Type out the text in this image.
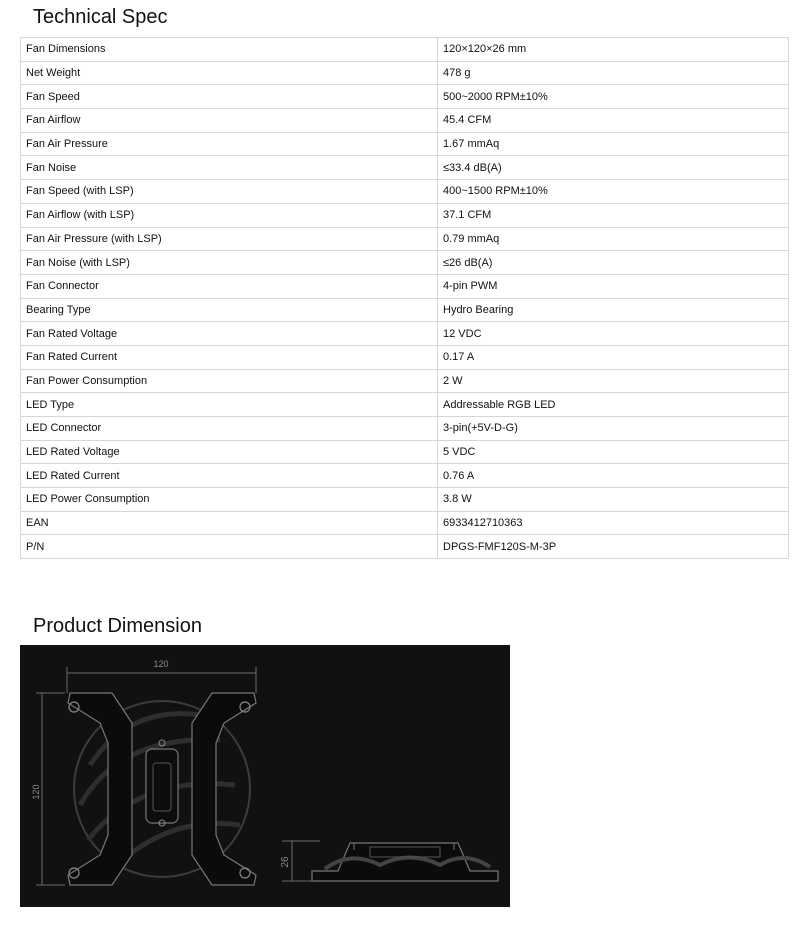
Technical Spec
Fan Dimensions	120×120×26 mm
Net Weight	478 g
Fan Speed	500~2000 RPM±10%
Fan Airflow	45.4 CFM
Fan Air Pressure	1.67 mmAq
Fan Noise	≤33.4 dB(A)
Fan Speed (with LSP)	400~1500 RPM±10%
Fan Airflow (with LSP)	37.1 CFM
Fan Air Pressure (with LSP)	0.79 mmAq
Fan Noise (with LSP)	≤26 dB(A)
Fan Connector	4-pin PWM
Bearing Type	Hydro Bearing
Fan Rated Voltage	12 VDC
Fan Rated Current	0.17 A
Fan Power Consumption	2 W
LED Type	Addressable RGB LED
LED Connector	3-pin(+5V-D-G)
LED Rated Voltage	5 VDC
LED Rated Current	0.76 A
LED Power Consumption	3.8 W
EAN	6933412710363
P/N	DPGS-FMF120S-M-3P
Product Dimension
120
120
26
